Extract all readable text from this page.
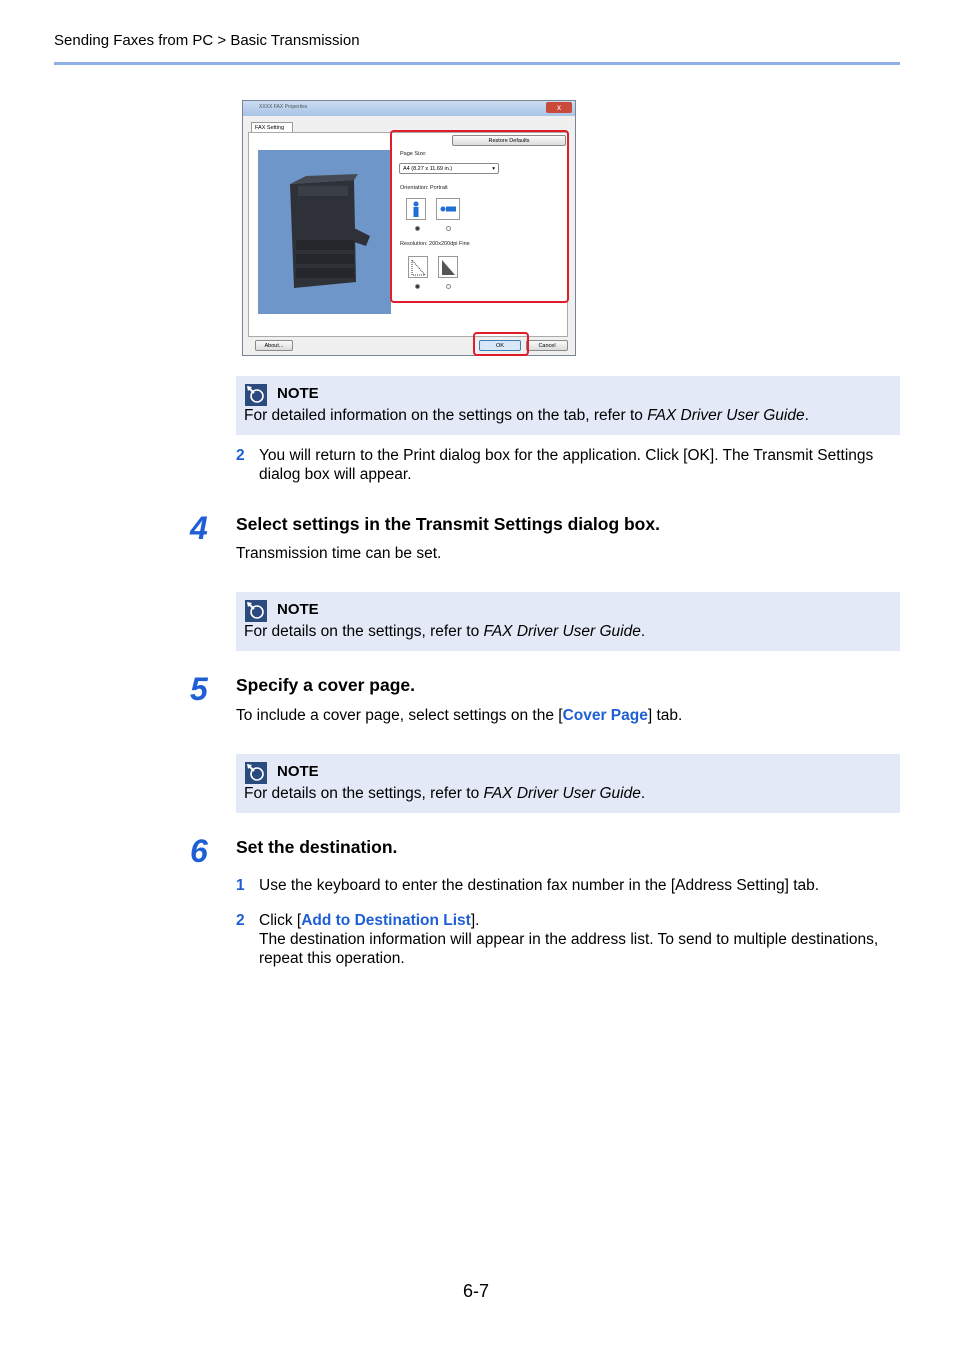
Sending Faxes from PC > Basic Transmission
XXXX FAX Properties	x
FAX Setting
Restore Defaults
Page Size:
A4 (8.27 x 11.69 in.)	▾
Orientation: Portrait
Resolution: 200x200dpi Fine
About...	OK	Cancel
NOTE
For detailed information on the settings on the tab, refer to FAX Driver User Guide.
2 You will return to the Print dialog box for the application. Click [OK]. The Transmit Settings dialog box will appear.
4 Select settings in the Transmit Settings dialog box.
Transmission time can be set.
NOTE
For details on the settings, refer to FAX Driver User Guide.
5 Specify a cover page.
To include a cover page, select settings on the [Cover Page] tab.
NOTE
For details on the settings, refer to FAX Driver User Guide.
6 Set the destination.
1 Use the keyboard to enter the destination fax number in the [Address Setting] tab.
2 Click [Add to Destination List].
The destination information will appear in the address list. To send to multiple destinations, repeat this operation.
6-7
